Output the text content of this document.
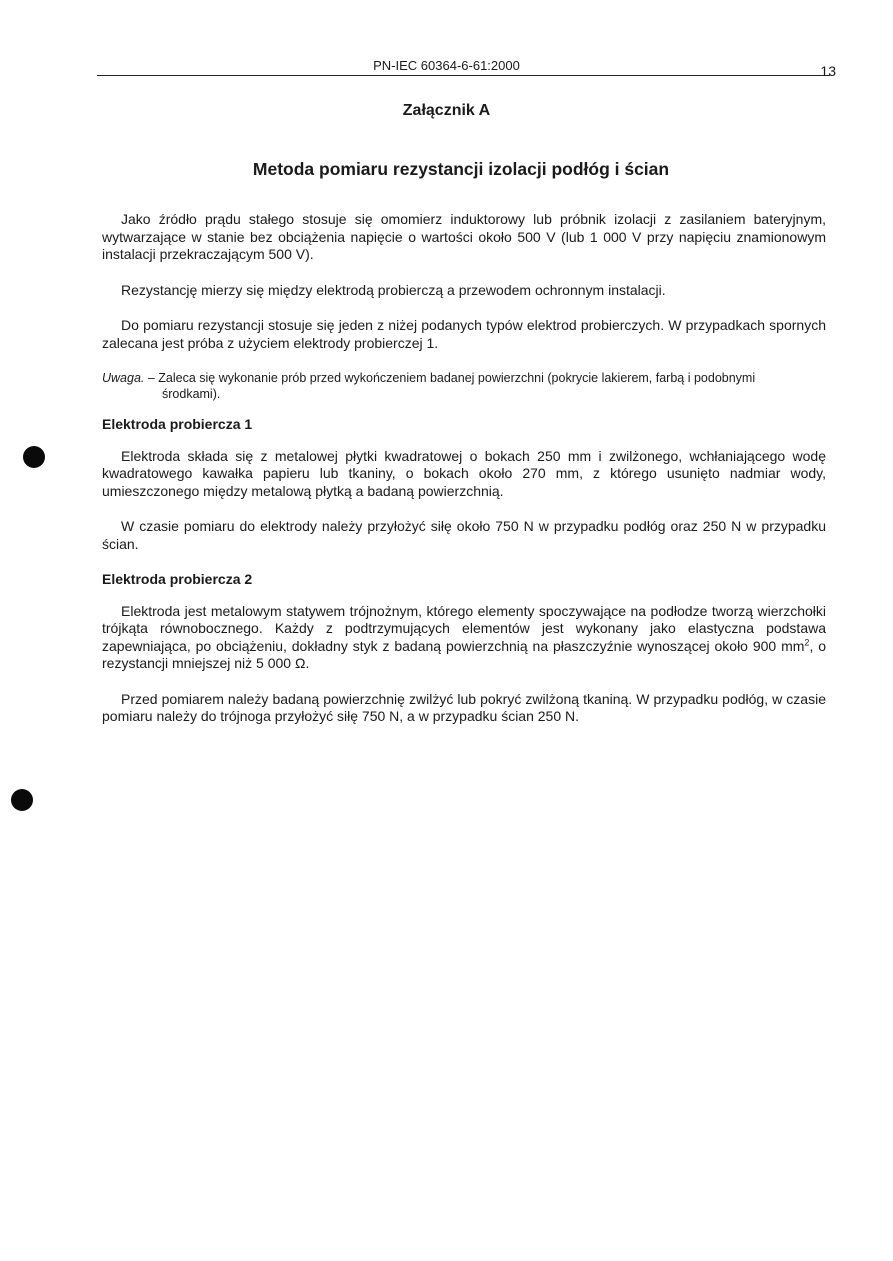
PN-IEC 60364-6-61:2000	13
Załącznik A
Metoda pomiaru rezystancji izolacji podłóg i ścian

Jako źródło prądu stałego stosuje się omomierz induktorowy lub próbnik izolacji z zasilaniem bateryjnym, wytwarzające w stanie bez obciążenia napięcie o wartości około 500 V (lub 1 000 V przy napięciu znamionowym instalacji przekraczającym 500 V).

Rezystancję mierzy się między elektrodą probierczą a przewodem ochronnym instalacji.

Do pomiaru rezystancji stosuje się jeden z niżej podanych typów elektrod probierczych. W przypadkach spornych zalecana jest próba z użyciem elektrody probierczej 1.

Uwaga. – Zaleca się wykonanie prób przed wykończeniem badanej powierzchni (pokrycie lakierem, farbą i podobnymi
środkami).
Elektroda probiercza 1

Elektroda składa się z metalowej płytki kwadratowej o bokach 250 mm i zwilżonego, wchłaniającego wodę kwadratowego kawałka papieru lub tkaniny, o bokach około 270 mm, z którego usunięto nadmiar wody, umieszczonego między metalową płytką a badaną powierzchnią.

W czasie pomiaru do elektrody należy przyłożyć siłę około 750 N w przypadku podłóg oraz 250 N w przypadku ścian.

Elektroda probiercza 2

Elektroda jest metalowym statywem trójnożnym, którego elementy spoczywające na podłodze tworzą wierzchołki trójkąta równobocznego. Każdy z podtrzymujących elementów jest wykonany jako elastyczna podstawa zapewniająca, po obciążeniu, dokładny styk z badaną powierzchnią na płaszczyźnie wynoszącej około 900 $mm^2$, o rezystancji mniejszej niż 5 000 Ω.

Przed pomiarem należy badaną powierzchnię zwilżyć lub pokryć zwilżoną tkaniną. W przypadku podłóg, w czasie pomiaru należy do trójnoga przyłożyć siłę 750 N, a w przypadku ścian 250 N.
